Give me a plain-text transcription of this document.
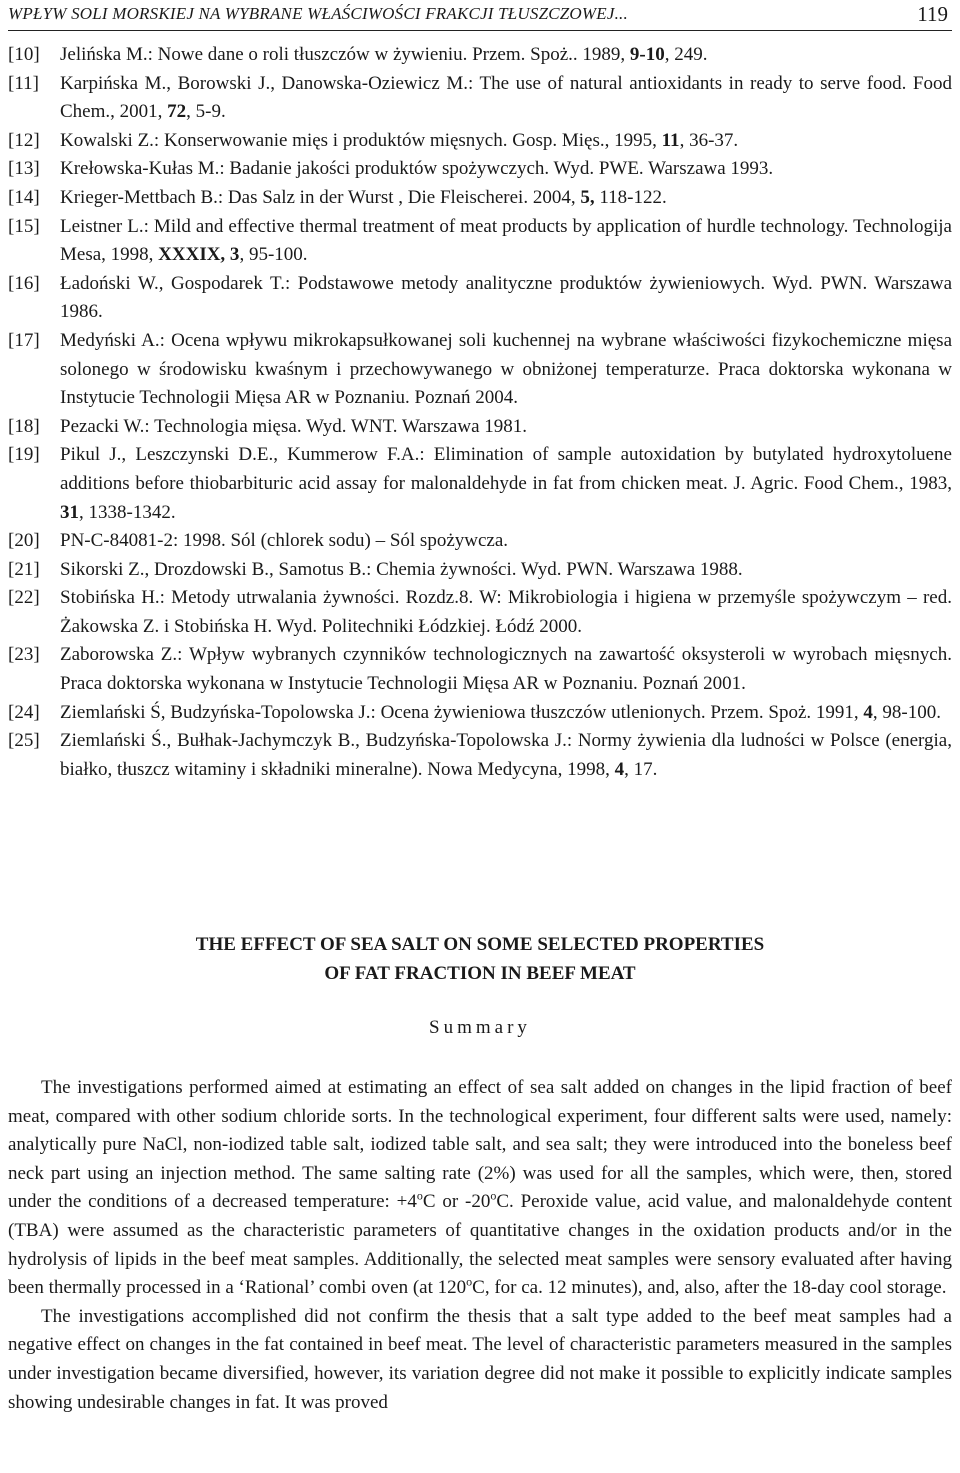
WPŁYW SOLI MORSKIEJ NA WYBRANE WŁAŚCIWOŚCI FRAKCJI TŁUSZCZOWEJ...	119
[10] Jelińska M.: Nowe dane o roli tłuszczów w żywieniu. Przem. Spoż.. 1989, 9-10, 249.
[11] Karpińska M., Borowski J., Danowska-Oziewicz M.: The use of natural antioxidants in ready to serve food. Food Chem., 2001, 72, 5-9.
[12] Kowalski Z.: Konserwowanie mięs i produktów mięsnych. Gosp. Mięs., 1995, 11, 36-37.
[13] Krełowska-Kułas M.: Badanie jakości produktów spożywczych. Wyd. PWE. Warszawa 1993.
[14] Krieger-Mettbach B.: Das Salz in der Wurst , Die Fleischerei. 2004, 5, 118-122.
[15] Leistner L.: Mild and effective thermal treatment of meat products by application of hurdle technology. Technologija Mesa, 1998, XXXIX, 3, 95-100.
[16] Ładoński W., Gospodarek T.: Podstawowe metody analityczne produktów żywieniowych. Wyd. PWN. Warszawa 1986.
[17] Medyński A.: Ocena wpływu mikrokapsułkowanej soli kuchennej na wybrane właściwości fizykochemiczne mięsa solonego w środowisku kwaśnym i przechowywanego w obniżonej temperaturze. Praca doktorska wykonana w Instytucie Technologii Mięsa AR w Poznaniu. Poznań 2004.
[18] Pezacki W.: Technologia mięsa. Wyd. WNT. Warszawa 1981.
[19] Pikul J., Leszczynski D.E., Kummerow F.A.: Elimination of sample autoxidation by butylated hydroxytoluene additions before thiobarbituric acid assay for malonaldehyde in fat from chicken meat. J. Agric. Food Chem., 1983, 31, 1338-1342.
[20] PN-C-84081-2: 1998. Sól (chlorek sodu) – Sól spożywcza.
[21] Sikorski Z., Drozdowski B., Samotus B.: Chemia żywności. Wyd. PWN. Warszawa 1988.
[22] Stobińska H.: Metody utrwalania żywności. Rozdz.8. W: Mikrobiologia i higiena w przemyśle spożywczym – red. Żakowska Z. i Stobińska H. Wyd. Politechniki Łódzkiej. Łódź 2000.
[23] Zaborowska Z.: Wpływ wybranych czynników technologicznych na zawartość oksysteroli w wyrobach mięsnych. Praca doktorska wykonana w Instytucie Technologii Mięsa AR w Poznaniu. Poznań 2001.
[24] Ziemlański Ś, Budzyńska-Topolowska J.: Ocena żywieniowa tłuszczów utlenionych. Przem. Spoż. 1991, 4, 98-100.
[25] Ziemlański Ś., Bułhak-Jachymczyk B., Budzyńska-Topolowska J.: Normy żywienia dla ludności w Polsce (energia, białko, tłuszcz witaminy i składniki mineralne). Nowa Medycyna, 1998, 4, 17.
THE EFFECT OF SEA SALT ON SOME SELECTED PROPERTIES
OF FAT FRACTION IN BEEF MEAT
Summary

The investigations performed aimed at estimating an effect of sea salt added on changes in the lipid fraction of beef meat, compared with other sodium chloride sorts. In the technological experiment, four different salts were used, namely: analytically pure NaCl, non-iodized table salt, iodized table salt, and sea salt; they were introduced into the boneless beef neck part using an injection method. The same salting rate (2%) was used for all the samples, which were, then, stored under the conditions of a decreased temperature: $+4^oC$ or -20$^o$C. Peroxide value, acid value, and malonaldehyde content (TBA) were assumed as the characteristic parameters of quantitative changes in the oxidation products and/or in the hydrolysis of lipids in the beef meat samples. Additionally, the selected meat samples were sensory evaluated after having been thermally processed in a ‘Rational’ combi oven (at 120$^o$C, for ca. 12 minutes), and, also, after the 18-day cool storage.

The investigations accomplished did not confirm the thesis that a salt type added to the beef meat samples had a negative effect on changes in the fat contained in beef meat. The level of characteristic parameters measured in the samples under investigation became diversified, however, its variation degree did not make it possible to explicitly indicate samples showing undesirable changes in fat. It was proved
